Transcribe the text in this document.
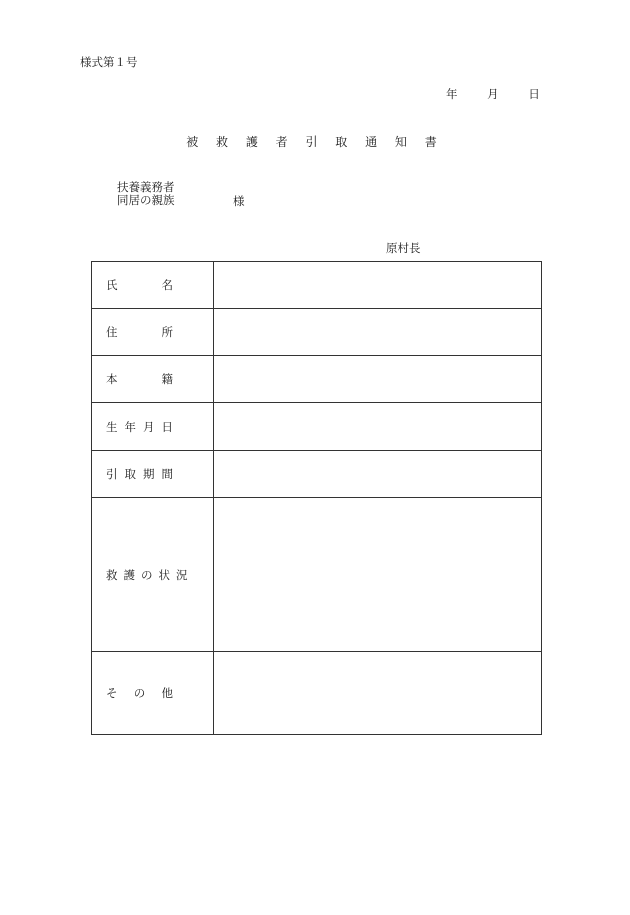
様式第１号
年	月	日
被 救 護 者 引 取 通 知 書
扶養義務者
同居の親族	様
原村長
氏 名	

住 所	

本 籍	

生 年 月 日	

引 取 期 間	

救 護 の 状 況	

そ の 他	
